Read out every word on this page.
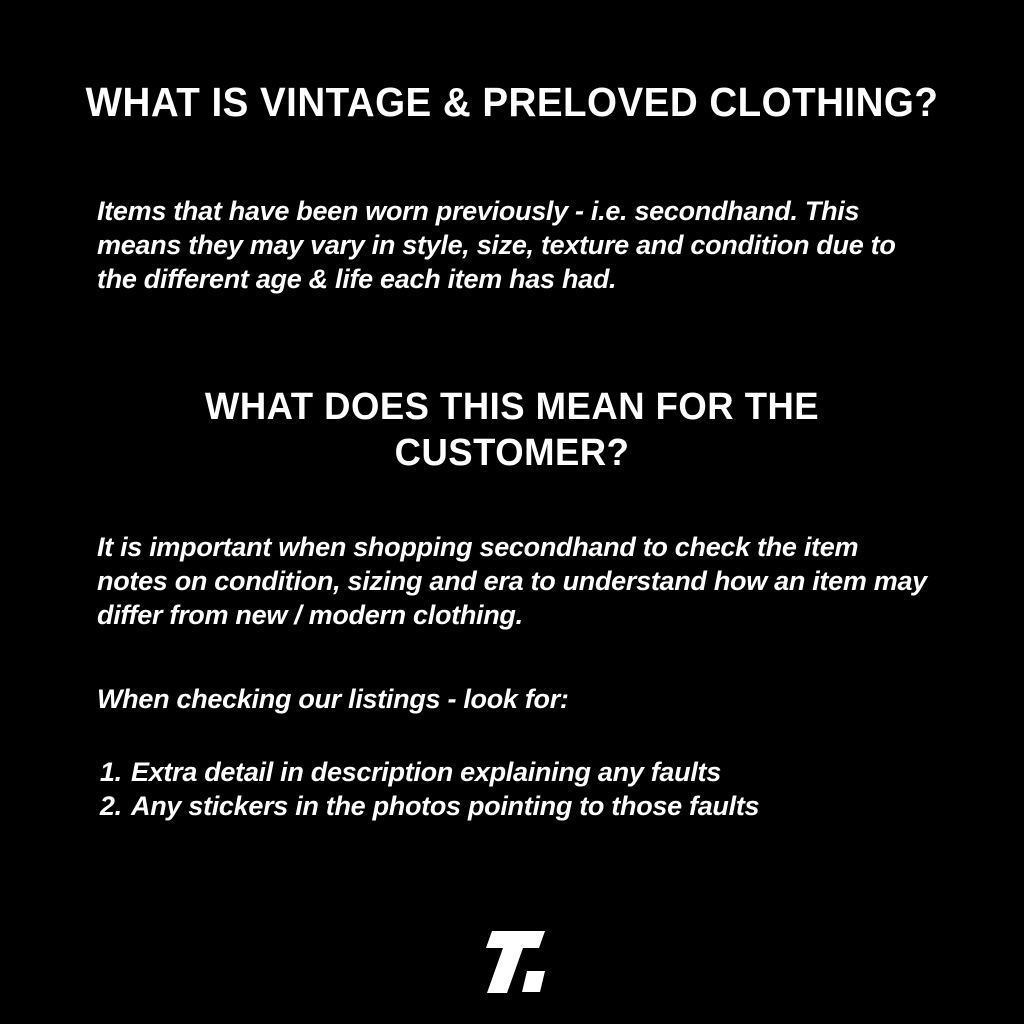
WHAT IS VINTAGE & PRELOVED CLOTHING?

Items that have been worn previously - i.e. secondhand. This means they may vary in style, size, texture and condition due to the different age & life each item has had.

WHAT DOES THIS MEAN FOR THE
CUSTOMER?

It is important when shopping secondhand to check the item notes on condition, sizing and era to understand how an item may differ from new / modern clothing.

When checking our listings - look for:

1. Extra detail in description explaining any faults
2. Any stickers in the photos pointing to those faults
